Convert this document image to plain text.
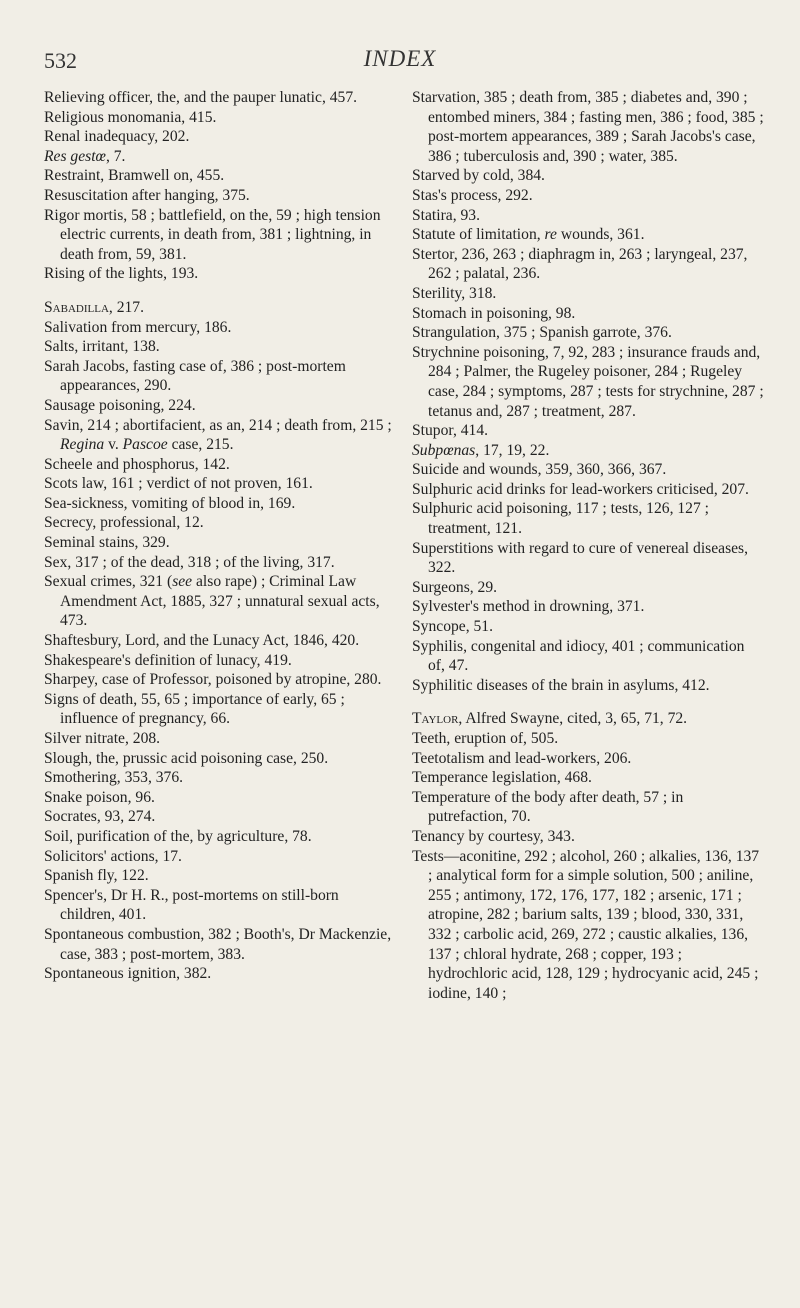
532	INDEX

Relieving officer, the, and the pauper lunatic, 457.

Religious monomania, 415.

Renal inadequacy, 202.

Res gestœ, 7.

Restraint, Bramwell on, 455.

Resuscitation after hanging, 375.

Rigor mortis, 58 ; battlefield, on the, 59 ; high tension electric currents, in death from, 381 ; lightning, in death from, 59, 381.

Rising of the lights, 193.

Sabadilla, 217.

Salivation from mercury, 186.

Salts, irritant, 138.

Sarah Jacobs, fasting case of, 386 ; post-mortem appearances, 290.

Sausage poisoning, 224.

Savin, 214 ; abortifacient, as an, 214 ; death from, 215 ; Regina v. Pascoe case, 215.

Scheele and phosphorus, 142.

Scots law, 161 ; verdict of not proven, 161.

Sea-sickness, vomiting of blood in, 169.

Secrecy, professional, 12.

Seminal stains, 329.

Sex, 317 ; of the dead, 318 ; of the living, 317.

Sexual crimes, 321 (see also rape) ; Criminal Law Amendment Act, 1885, 327 ; unnatural sexual acts, 473.

Shaftesbury, Lord, and the Lunacy Act, 1846, 420.

Shakespeare's definition of lunacy, 419.

Sharpey, case of Professor, poisoned by atropine, 280.

Signs of death, 55, 65 ; importance of early, 65 ; influence of pregnancy, 66.

Silver nitrate, 208.

Slough, the, prussic acid poisoning case, 250.

Smothering, 353, 376.

Snake poison, 96.

Socrates, 93, 274.

Soil, purification of the, by agriculture, 78.

Solicitors' actions, 17.

Spanish fly, 122.

Spencer's, Dr H. R., post-mortems on still-born children, 401.

Spontaneous combustion, 382 ; Booth's, Dr Mackenzie, case, 383 ; post-mortem, 383.

Spontaneous ignition, 382.

Starvation, 385 ; death from, 385 ; diabetes and, 390 ; entombed miners, 384 ; fasting men, 386 ; food, 385 ; post-mortem appearances, 389 ; Sarah Jacobs's case, 386 ; tuberculosis and, 390 ; water, 385.

Starved by cold, 384.

Stas's process, 292.

Statira, 93.

Statute of limitation, re wounds, 361.

Stertor, 236, 263 ; diaphragm in, 263 ; laryngeal, 237, 262 ; palatal, 236.

Sterility, 318.

Stomach in poisoning, 98.

Strangulation, 375 ; Spanish garrote, 376.

Strychnine poisoning, 7, 92, 283 ; insurance frauds and, 284 ; Palmer, the Rugeley poisoner, 284 ; Rugeley case, 284 ; symptoms, 287 ; tests for strychnine, 287 ; tetanus and, 287 ; treatment, 287.

Stupor, 414.

Subpœnas, 17, 19, 22.

Suicide and wounds, 359, 360, 366, 367.

Sulphuric acid drinks for lead-workers criticised, 207.

Sulphuric acid poisoning, 117 ; tests, 126, 127 ; treatment, 121.

Superstitions with regard to cure of venereal diseases, 322.

Surgeons, 29.

Sylvester's method in drowning, 371.

Syncope, 51.

Syphilis, congenital and idiocy, 401 ; communication of, 47.

Syphilitic diseases of the brain in asylums, 412.

Taylor, Alfred Swayne, cited, 3, 65, 71, 72.

Teeth, eruption of, 505.

Teetotalism and lead-workers, 206.

Temperance legislation, 468.

Temperature of the body after death, 57 ; in putrefaction, 70.

Tenancy by courtesy, 343.

Tests—aconitine, 292 ; alcohol, 260 ; alkalies, 136, 137 ; analytical form for a simple solution, 500 ; aniline, 255 ; antimony, 172, 176, 177, 182 ; arsenic, 171 ; atropine, 282 ; barium salts, 139 ; blood, 330, 331, 332 ; carbolic acid, 269, 272 ; caustic alkalies, 136, 137 ; chloral hydrate, 268 ; copper, 193 ; hydrochloric acid, 128, 129 ; hydrocyanic acid, 245 ; iodine, 140 ;
